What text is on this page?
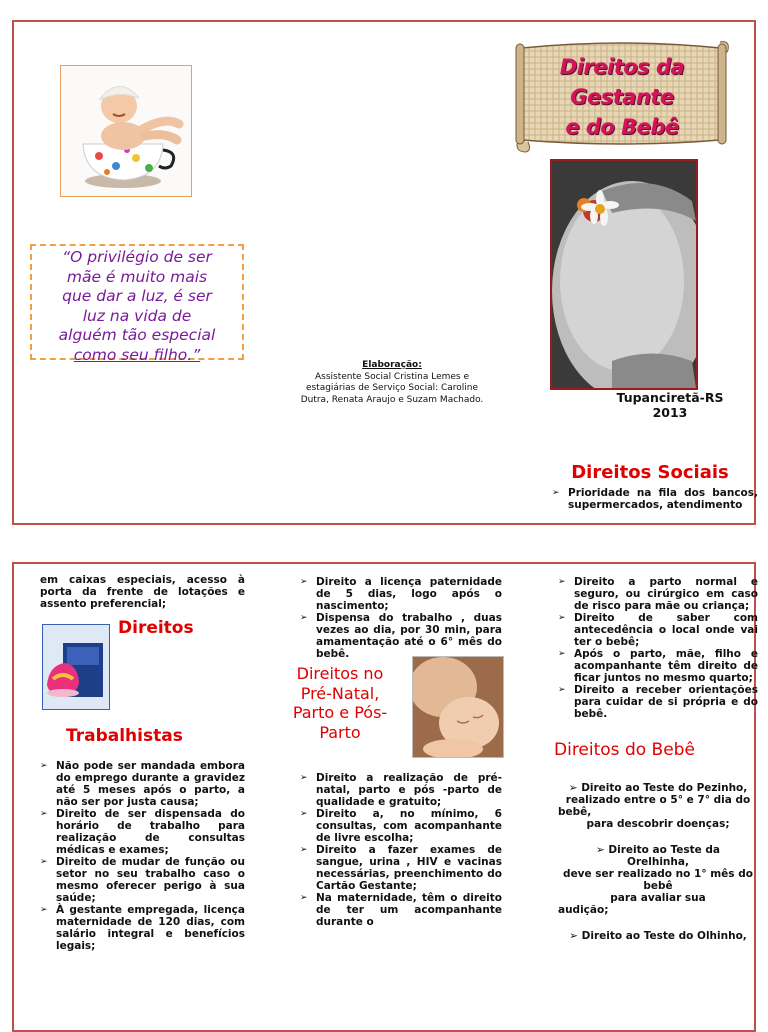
“O privilégio de ser
mãe é muito mais
que dar a luz, é ser
luz na vida de
alguém tão especial
como seu filho.”
Elaboração:
Assistente Social Cristina Lemes e
estagiárias de Serviço Social: Caroline
Dutra, Renata Araujo e Suzam Machado.
Direitos da Gestante
e do Bebê
Tupanciretã-RS
2013
Direitos Sociais

➢ Prioridade na fila dos bancos, supermercados, atendimento

em caixas especiais, acesso à porta da frente de lotações e assento preferencial;

Direitos
Trabalhistas

➢ Não pode ser mandada embora do emprego durante a gravidez até 5 meses após o parto, a não ser por justa causa;

➢ Direito de ser dispensada do horário de trabalho para realização de consultas médicas e exames;

➢ Direito de mudar de função ou setor no seu trabalho caso o mesmo oferecer perigo à sua saúde;

➢ À gestante empregada, licença maternidade de 120 dias, com salário integral e benefícios legais;

➢ Direito a licença paternidade de 5 dias, logo após o nascimento;

➢ Dispensa do trabalho , duas vezes ao dia, por 30 min, para amamentação até o 6° mês do bebê.

Direitos no
Pré-Natal,
Parto e Pós-
Parto

➢ Direito a realização de pré-natal, parto e pós -parto de qualidade e gratuito;

➢ Direito a, no mínimo, 6 consultas, com acompanhante de livre escolha;

➢ Direito a fazer exames de sangue, urina , HIV e vacinas necessárias, preenchimento do Cartão Gestante;

➢ Na maternidade, têm o direito de ter um acompanhante durante o

➢ Direito a parto normal e seguro, ou cirúrgico em caso de risco para mãe ou criança;

➢ Direito de saber com antecedência o local onde vai ter o bebê;

➢ Após o parto, mãe, filho e acompanhante têm direito de ficar juntos no mesmo quarto;

➢ Direito a receber orientações para cuidar de si própria e do bebê.

Direitos do Bebê
➢ Direito ao Teste do Pezinho,
realizado entre o 5° e 7° dia do
bebê,
para descobrir doenças;
➢ Direito ao Teste da
Orelhinha,
deve ser realizado no 1° mês do
bebê
para avaliar sua
audição;
➢ Direito ao Teste do Olhinho,
